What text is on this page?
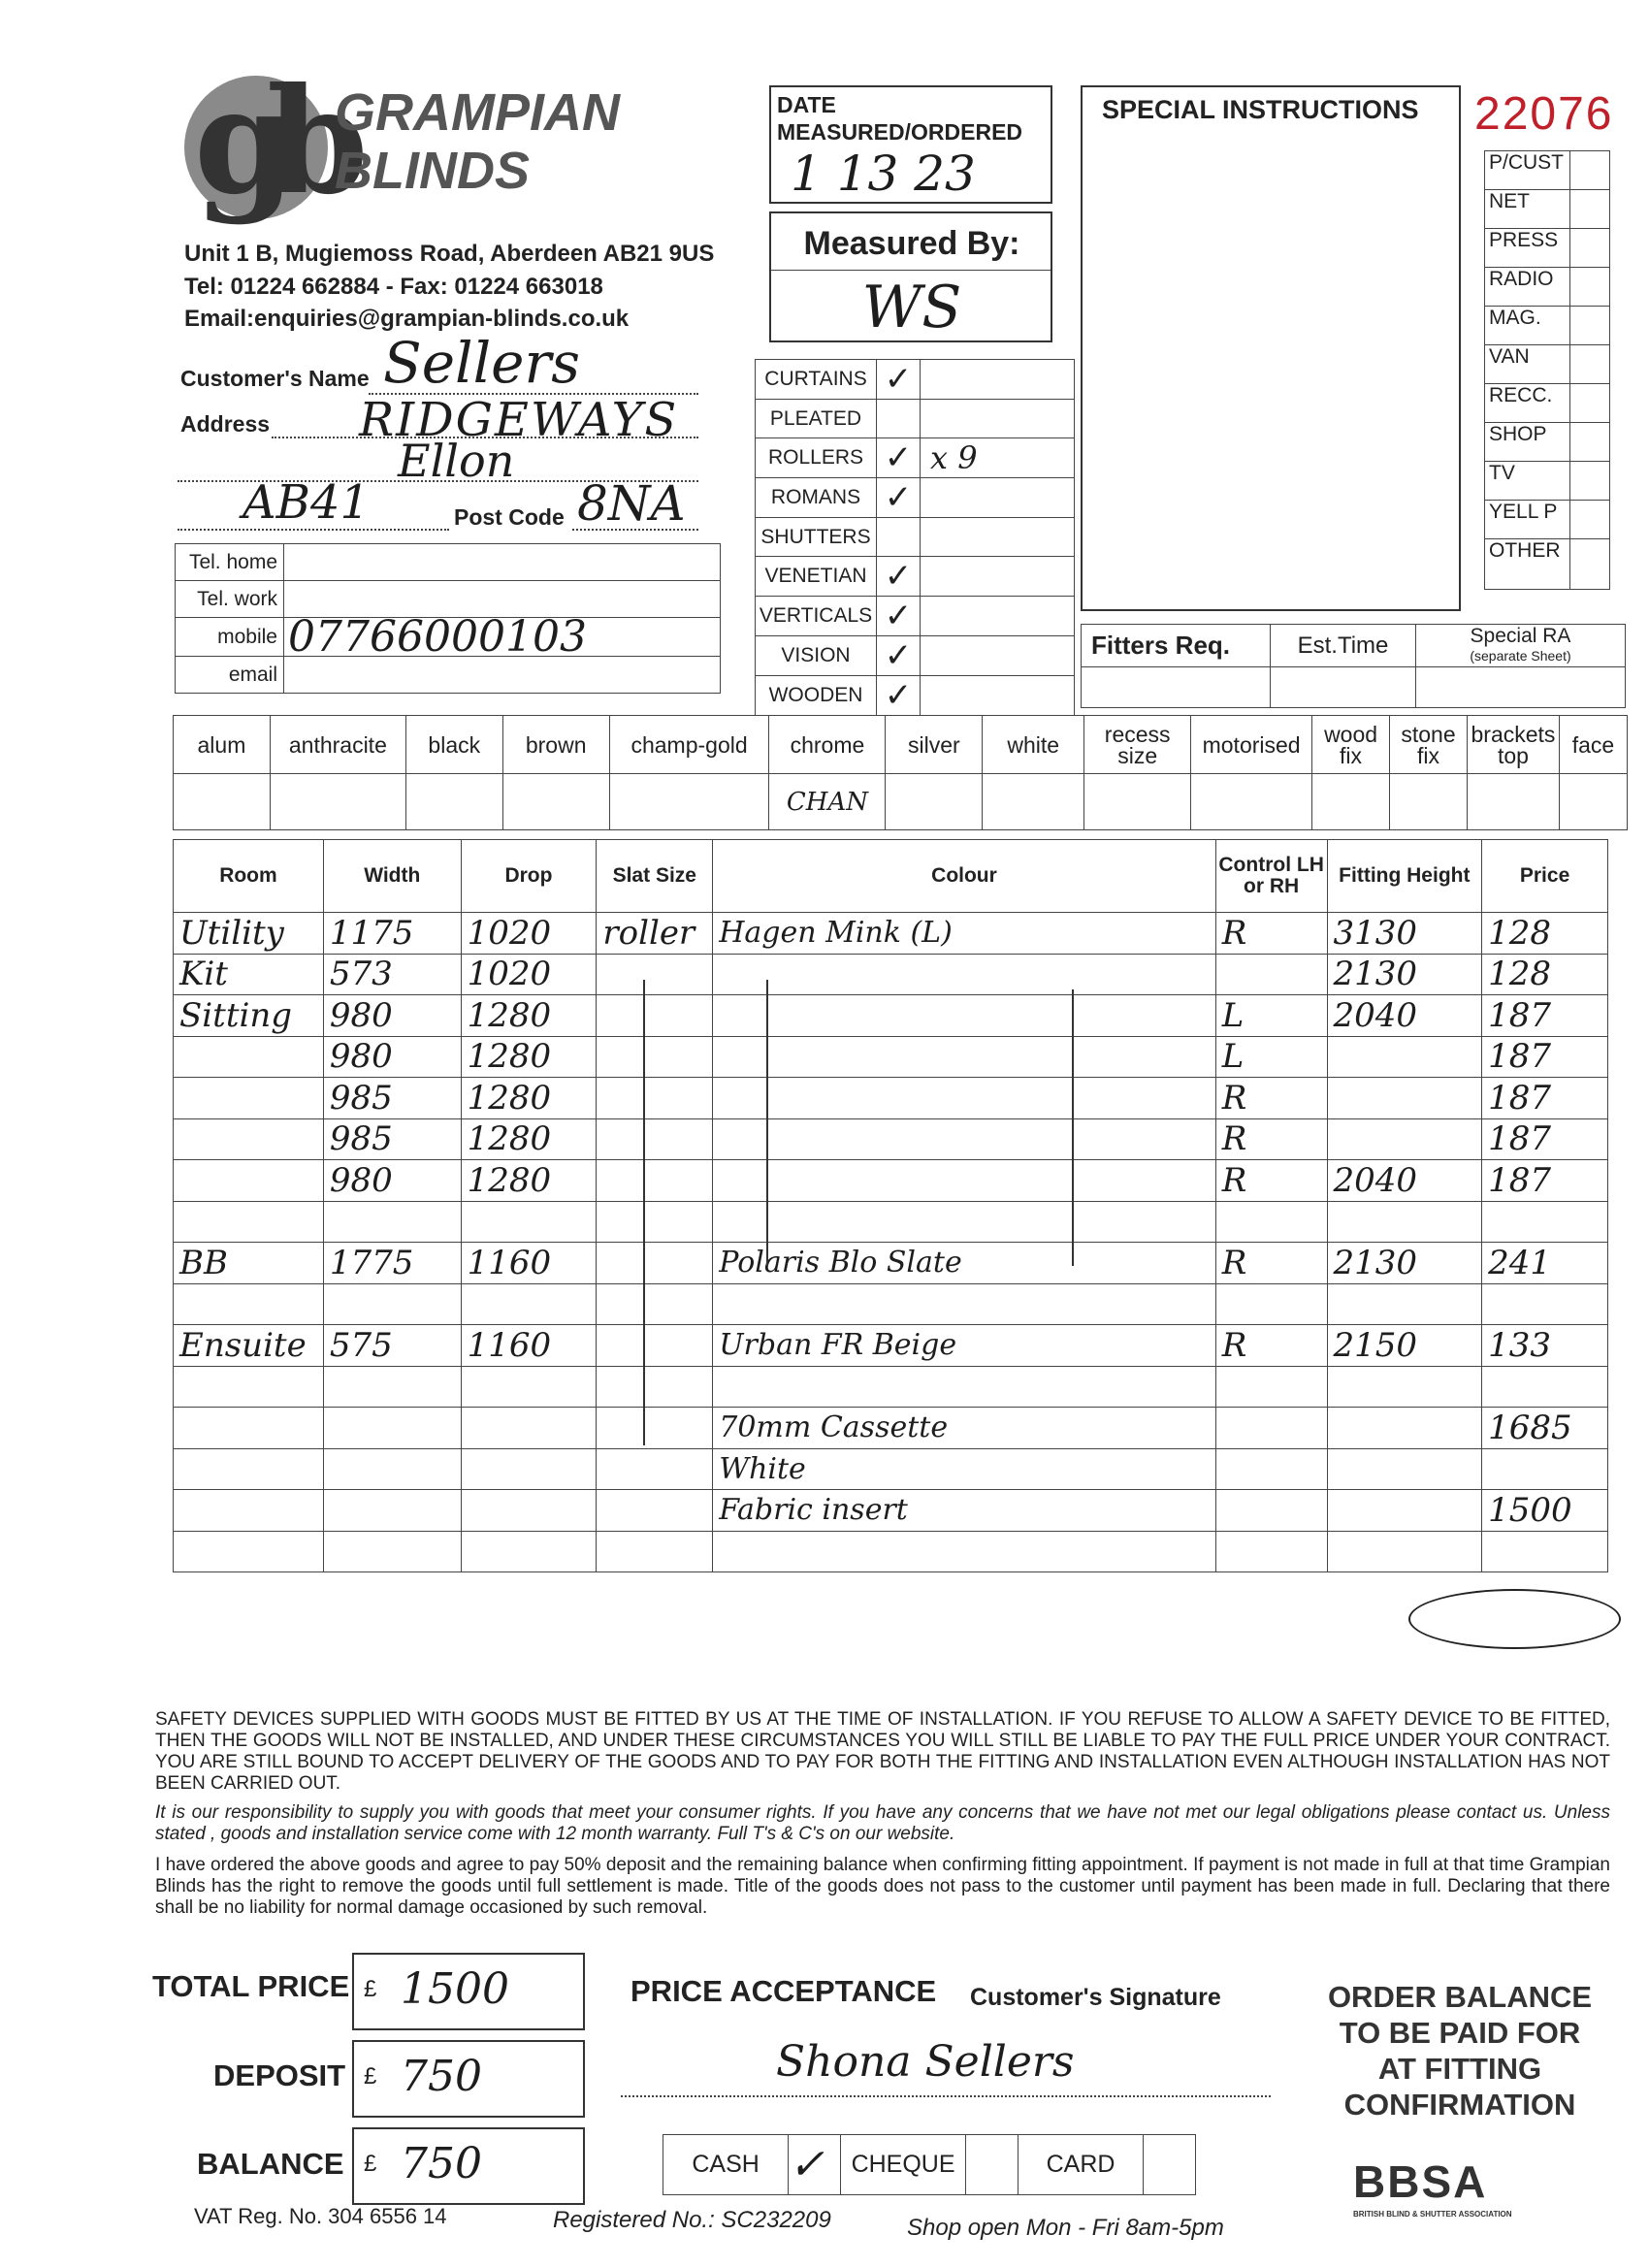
gb
GRAMPIAN
BLINDS
Unit 1 B, Mugiemoss Road, Aberdeen AB21 9US
Tel: 01224 662884 - Fax: 01224 663018
Email:enquiries@grampian-blinds.co.uk
DATE MEASURED/ORDERED
1 13 23
Measured By:
WS
SPECIAL INSTRUCTIONS 22076
P/CUST	
NET	
PRESS	
RADIO	
MAG.	
VAN	
RECC.	
SHOP	
TV	
YELL P	
OTHER	
Customer's Name Sellers
Address RIDGEWAYS
Ellon
AB41	Post Code 8NA
Tel. home	
Tel. work	
mobile	07766000103
email	
CURTAINS	✓	
PLEATED		
ROLLERS	✓	x 9
ROMANS	✓	
SHUTTERS		
VENETIAN	✓	
VERTICALS	✓	
VISION	✓	
WOODEN	✓	
Fitters Req.	Est.Time	Special RA
(separate Sheet)

alum	anthracite	black	brown	champ-gold	chrome	silver	white	recess size	motorised	wood fix	stone fix	brackets top	face
					CHAN								
Room	Width	Drop	Slat Size	Colour	Control LH or RH	Fitting Height	Price
Utility	1175	1020	roller	Hagen Mink (L)	R	3130	128
Kit	573	1020				2130	128
Sitting	980	1280			L	2040	187
	980	1280			L		187
	985	1280			R		187
	985	1280			R		187
	980	1280			R	2040	187

BB	1775	1160		Polaris Blo Slate	R	2130	241

Ensuite	575	1160		Urban FR Beige	R	2150	133

				70mm Cassette			1685
				White			
				Fabric insert			1500

SAFETY DEVICES SUPPLIED WITH GOODS MUST BE FITTED BY US AT THE TIME OF INSTALLATION. IF YOU REFUSE TO ALLOW A SAFETY DEVICE TO BE FITTED, THEN THE GOODS WILL NOT BE INSTALLED, AND UNDER THESE CIRCUMSTANCES YOU WILL STILL BE LIABLE TO PAY THE FULL PRICE UNDER YOUR CONTRACT. YOU ARE STILL BOUND TO ACCEPT DELIVERY OF THE GOODS AND TO PAY FOR BOTH THE FITTING AND INSTALLATION EVEN ALTHOUGH INSTALLATION HAS NOT BEEN CARRIED OUT.
It is our responsibility to supply you with goods that meet your consumer rights. If you have any concerns that we have not met our legal obligations please contact us. Unless stated , goods and installation service come with 12 month warranty. Full T's & C's on our website.
I have ordered the above goods and agree to pay 50% deposit and the remaining balance when confirming fitting appointment. If payment is not made in full at that time Grampian Blinds has the right to remove the goods until full settlement is made. Title of the goods does not pass to the customer until payment has been made in full. Declaring that there shall be no liability for normal damage occasioned by such removal.
TOTAL PRICE £ 1500
DEPOSIT £ 750
BALANCE £ 750
PRICE ACCEPTANCE Customer's Signature
Shona Sellers
CASH	✓	CHEQUE		CARD	
ORDER BALANCE
TO BE PAID FOR
AT FITTING
CONFIRMATION
VAT Reg. No. 304 6556 14	Registered No.: SC232209	Shop open Mon - Fri 8am-5pm
BBSA
BRITISH BLIND & SHUTTER ASSOCIATION
